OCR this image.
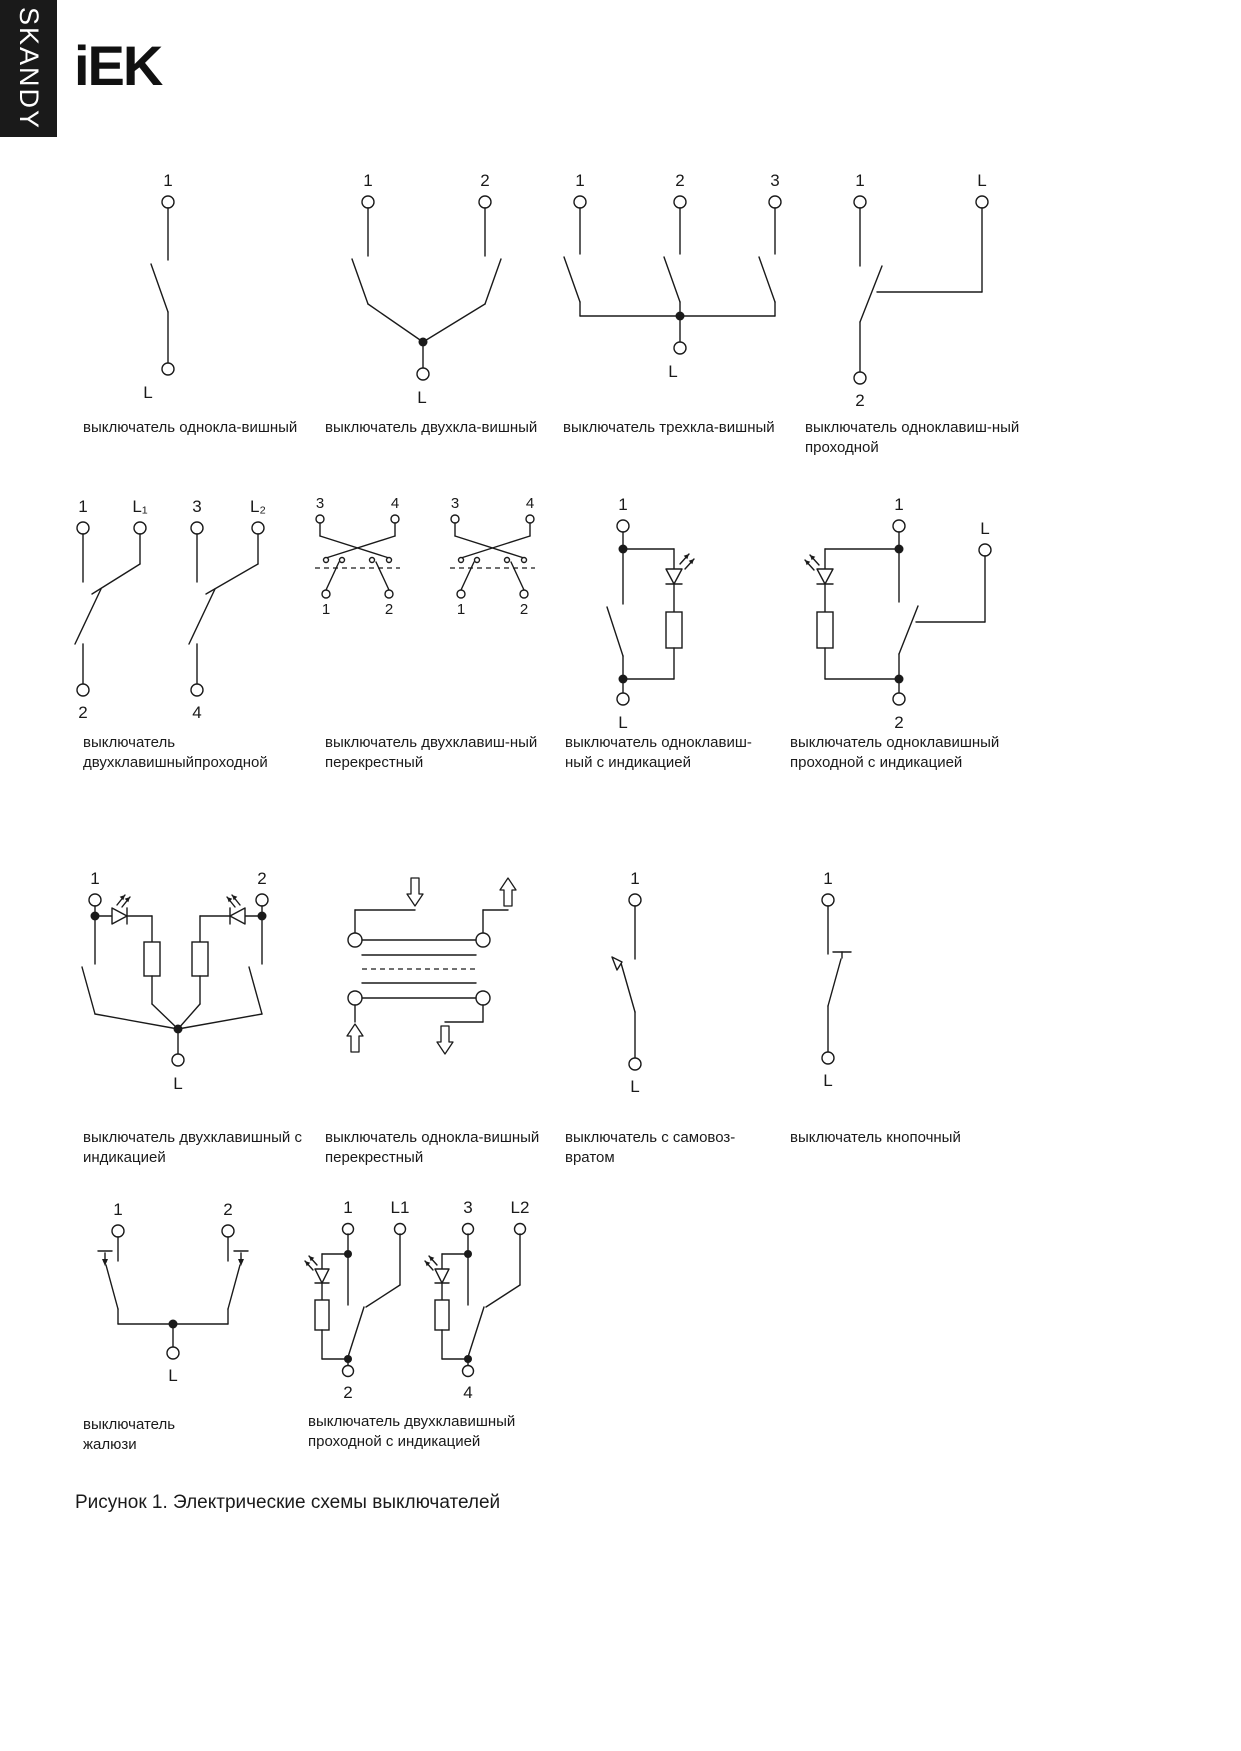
SKANDY iEK
1
L
1	2
L
1	2	3
L
1	L
2
выключатель однокла-вишный	выключатель двухкла-вишный	выключатель трехкла-вишный	выключатель одноклавиш-ный
проходной
1	L₁	3	L₂
2	4
3	4
1	2
3	4
1	2
1
L
1
L
2
выключатель
двухклавишныйпроходной
выключатель двухклавиш-ный
перекрестный
выключатель одноклавиш-
ный с индикацией
выключатель одноклавишный
проходной с индикацией
1	2
L
1
L
1
L
выключатель двухклавишный с
индикацией
выключатель однокла-вишный
перекрестный
выключатель с самовоз-
вратом
выключатель кнопочный
1	2
L
1 L1	3 L2
2	4
выключатель
жалюзи
выключатель двухклавишный
проходной с индикацией
Рисунок 1. Электрические схемы выключателей
